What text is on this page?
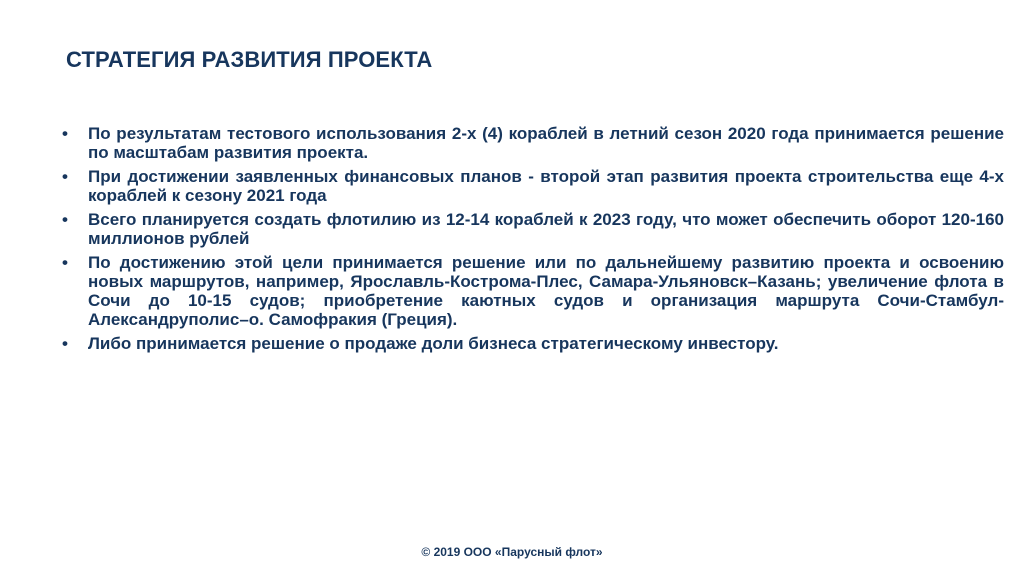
СТРАТЕГИЯ РАЗВИТИЯ ПРОЕКТА
• По результатам тестового использования 2-х (4) кораблей в летний сезон 2020 года принимается решение по масштабам развития проекта.
• При достижении заявленных финансовых планов - второй этап развития проекта строительства еще 4-х кораблей к сезону 2021 года
• Всего планируется создать флотилию из 12-14 кораблей к 2023 году, что может обеспечить оборот 120-160 миллионов рублей
• По достижению этой цели принимается решение или по дальнейшему развитию проекта и освоению новых маршрутов, например, Ярославль-Кострома-Плес, Самара-Ульяновск–Казань; увеличение флота в Сочи до 10-15 судов; приобретение каютных судов и организация маршрута Сочи-Стамбул-Александруполис–о. Самофракия (Греция).
• Либо принимается решение о продаже доли бизнеса стратегическому инвестору.
© 2019 ООО «Парусный флот»
